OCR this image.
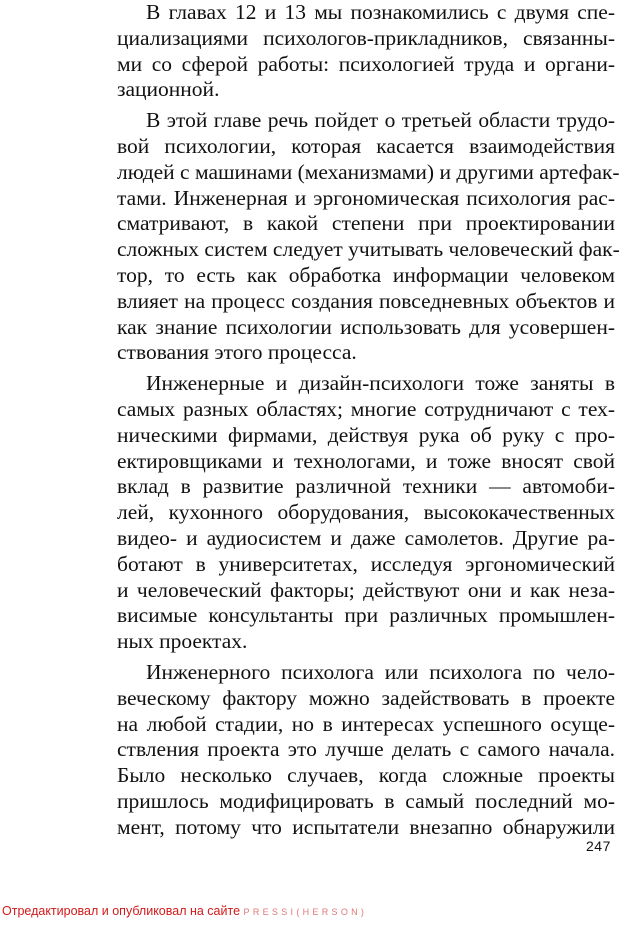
В главах 12 и 13 мы познакомились с двумя спе-
циализациями психологов-прикладников, связанны-
ми со сферой работы: психологией труда и органи-
зационной.
В этой главе речь пойдет о третьей области трудо-
вой психологии, которая касается взаимодействия
людей с машинами (механизмами) и другими артефак-
тами. Инженерная и эргономическая психология рас-
сматривают, в какой степени при проектировании
сложных систем следует учитывать человеческий фак-
тор, то есть как обработка информации человеком
влияет на процесс создания повседневных объектов и
как знание психологии использовать для усовершен-
ствования этого процесса.
Инженерные и дизайн-психологи тоже заняты в
самых разных областях; многие сотрудничают с тех-
ническими фирмами, действуя рука об руку с про-
ектировщиками и технологами, и тоже вносят свой
вклад в развитие различной техники — автомоби-
лей, кухонного оборудования, высококачественных
видео- и аудиосистем и даже самолетов. Другие ра-
ботают в университетах, исследуя эргономический
и человеческий факторы; действуют они и как неза-
висимые консультанты при различных промышлен-
ных проектах.
Инженерного психолога или психолога по чело-
веческому фактору можно задействовать в проекте
на любой стадии, но в интересах успешного осуще-
ствления проекта это лучше делать с самого начала.
Было несколько случаев, когда сложные проекты
пришлось модифицировать в самый последний мо-
мент, потому что испытатели внезапно обнаружили
247
Отредактировал и опубликовал на сайте PRESSI(HERSON)
